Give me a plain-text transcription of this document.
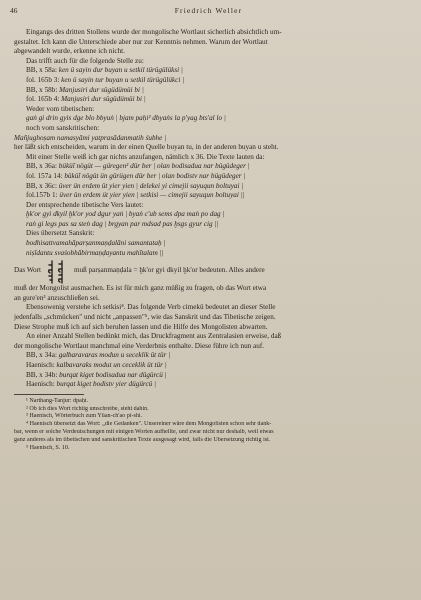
46	Friedrich Weller
Eingangs des dritten Stollens wurde der mongolische Wortlaut sicherlich absichtlich um-
gestaltet. Ich kann die Unterschiede aber nur zur Kenntnis nehmen. Warum der Wortlaut
abgewandelt wurde, erkenne ich nicht.
Das trifft auch für die folgende Stelle zu:
BB, x 58a: ken ü sayin dur buyan u setkil türügülüksi |
fol. 165b 3: ken ü sayin tur buyan u setkil türügülükci |
BB, x 58b: Manjusiri dur sügüdümüi bi |
fol. 165b 4: Manjusiri dur sügüdümüi bi |
Weder vom tibetischen:
gaṅ gi drin gyis dge blo bbyuṅ | bjam paḥi² dbyaṅs la p'yag bts'al lo |
noch vom sanskritischen:
Mañjughoṣam namasyāmi yatprasādanmatih śubhe |
her läßt sich entscheiden, warum in der einen Quelle buyan tu, in der anderen buyan u steht.
Mit einer Stelle weiß ich gar nichts anzufangen, nämlich x 36. Die Texte lauten da:
BB, x 36a: bükü̈i nögüt — güregen² dür ber | olan bodisadua nar bügüdeger |
fol. 157a 14: bükü̈i nögüt ün gürügen dür ber | olan bodistv nar bügüdeger |
BB, x 36c: üver ün erdem üt yier yien | delekei yi cimejii sayuqun boltuyai |
fol.157b 1: üver ün erdem üt yier yien | setkisi — cimejii sayuqun boltuyai ||
Der entsprechende tibetische Vers lautet:
ḫk'or gyi dkyil ḫk'or yod dgur yaṅ | byaṅ c'ub sems dpa maṅ po dag |
raṅ gi legs pas sa steṅ dag | brgyan par mdsad pas ḫsgs gyur cig ||
Dies übersetzt Sanskrit:
bodhisattvamahāparṣanmaṇḍalāni samantataḥ |
niṣīdantu svaśobhābirmaṇḍayantu mahītalam ||
Das Wort	muß parṣanmaṇḍala = ḫk'or gyi dkyil ḫk'or bedeuten. Alles andere
muß der Mongolist ausmachen. Es ist für mich ganz müßig zu fragen, ob das Wort etwa
an gure'en³ anzuschließen sei.
Ebensowenig verstehe ich setkisi⁴. Das folgende Verb cimekü bedeutet an dieser Stelle
jedenfalls „schmücken" und nicht „anpassen"⁵, wie das Sanskrit und das Tibetische zeigen.
Diese Strophe muß ich auf sich beruhen lassen und die Hilfe des Mongolisten abwarten.
An einer Anzahl Stellen bedünkt mich, das Druckfragment aus Zentralasien erweise, daß
der mongolische Wortlaut manchmal eine Verderbnis enthalte. Diese führe ich nun auf.
BB, x 34a: galbaravaras modun u seceklik üt tür |
Haenisch: kalbavaraks modut un ceceklik üt tür |
BB, x 34b: burqat kiget bodisadua nar dügürcü |
Haenisch: burqat kiget bodistv yier dügürcü |
¹ Narthang-Tanjur: dpaḥi.
² Ob ich dies Wort richtig umschreibe, steht dahin.
³ Haenisch, Wörterbuch zum Yüan-ch'ao pi-shi.
⁴ Haenisch übersetzt das Wort: „die Gedanken". Unsereiner wäre dem Mongolisten schon sehr dank-
bar, wenn er solche Verdeutschungen mit einigen Worten aufhellte, und zwar nicht nur deshalb, weil etwas
ganz anderes als im tibetischen und sanskritischen Texte ausgesagt wird, falls die Übersetzung richtig ist.
⁵ Haenisch, S. 10.
